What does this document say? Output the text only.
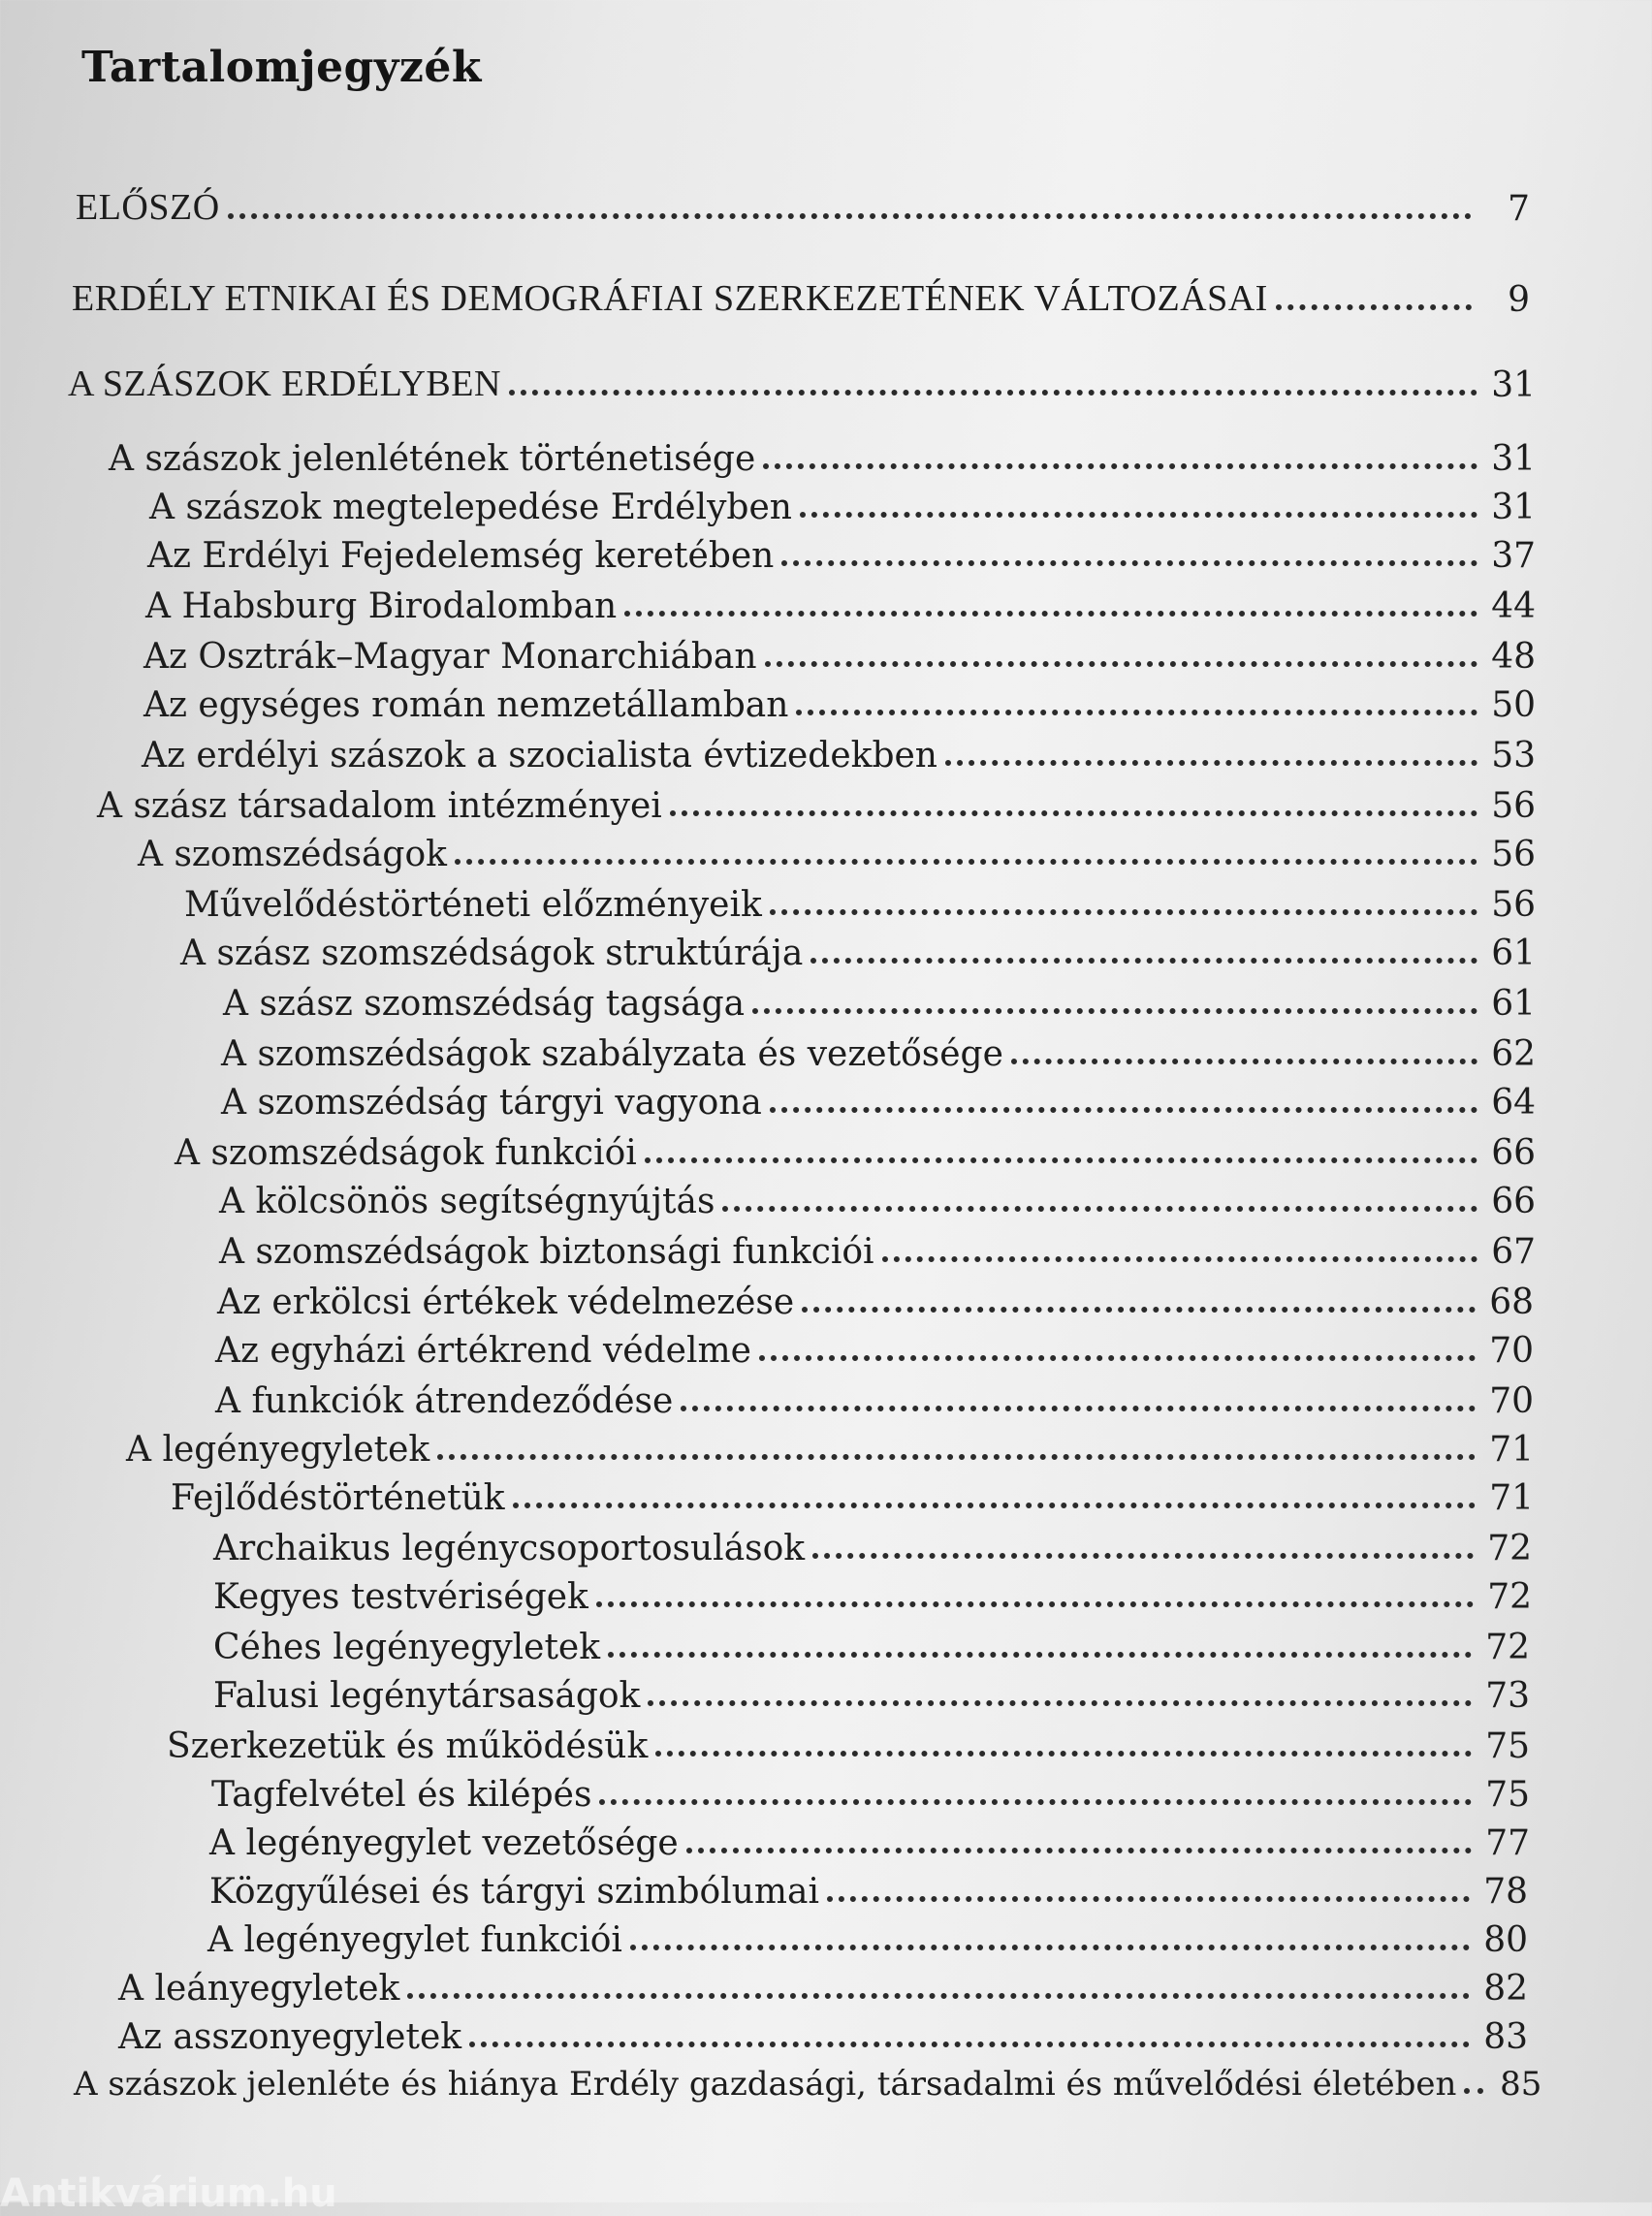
Tartalomjegyzék
ELŐSZÓ	7
ERDÉLY ETNIKAI ÉS DEMOGRÁFIAI SZERKEZETÉNEK VÁLTOZÁSAI	9
A SZÁSZOK ERDÉLYBEN	31
A szászok jelenlétének történetisége	31
A szászok megtelepedése Erdélyben	31
Az Erdélyi Fejedelemség keretében	37
A Habsburg Birodalomban	44
Az Osztrák–Magyar Monarchiában	48
Az egységes román nemzetállamban	50
Az erdélyi szászok a szocialista évtizedekben	53
A szász társadalom intézményei	56
A szomszédságok	56
Művelődéstörténeti előzményeik	56
A szász szomszédságok struktúrája	61
A szász szomszédság tagsága	61
A szomszédságok szabályzata és vezetősége	62
A szomszédság tárgyi vagyona	64
A szomszédságok funkciói	66
A kölcsönös segítségnyújtás	66
A szomszédságok biztonsági funkciói	67
Az erkölcsi értékek védelmezése	68
Az egyházi értékrend védelme	70
A funkciók átrendeződése	70
A legényegyletek	71
Fejlődéstörténetük	71
Archaikus legénycsoportosulások	72
Kegyes testvériségek	72
Céhes legényegyletek	72
Falusi legénytársaságok	73
Szerkezetük és működésük	75
Tagfelvétel és kilépés	75
A legényegylet vezetősége	77
Közgyűlései és tárgyi szimbólumai	78
A legényegylet funkciói	80
A leányegyletek	82
Az asszonyegyletek	83
A szászok jelenléte és hiánya Erdély gazdasági, társadalmi és művelődési életében 85
Antikvárium.hu
